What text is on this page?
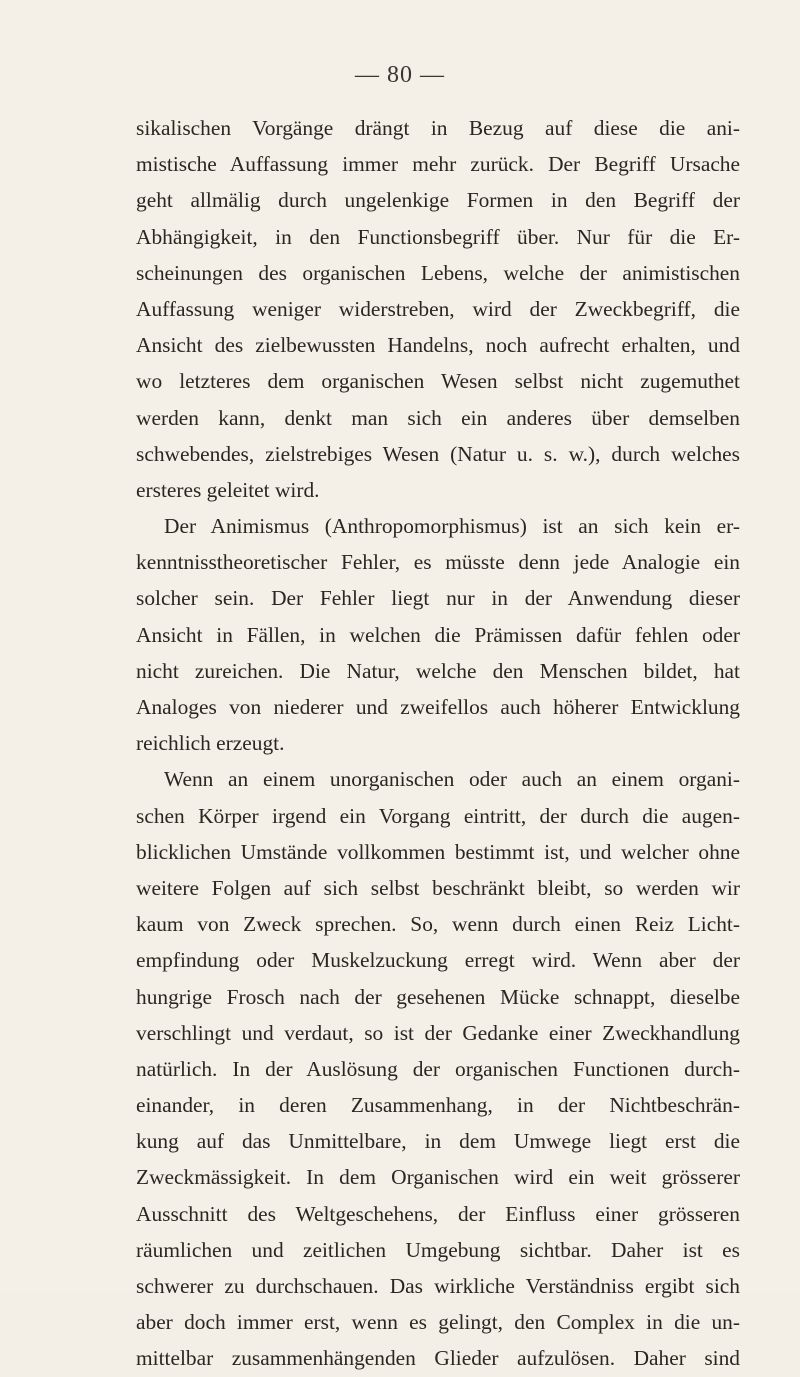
— 80 —
sikalischen Vorgänge drängt in Bezug auf diese die ani-
mistische Auffassung immer mehr zurück. Der Begriff Ursache
geht allmälig durch ungelenkige Formen in den Begriff der
Abhängigkeit, in den Functionsbegriff über. Nur für die Er-
scheinungen des organischen Lebens, welche der animistischen
Auffassung weniger widerstreben, wird der Zweckbegriff, die
Ansicht des zielbewussten Handelns, noch aufrecht erhalten, und
wo letzteres dem organischen Wesen selbst nicht zugemuthet
werden kann, denkt man sich ein anderes über demselben
schwebendes, zielstrebiges Wesen (Natur u. s. w.), durch welches
ersteres geleitet wird.
Der Animismus (Anthropomorphismus) ist an sich kein er-
kenntnisstheoretischer Fehler, es müsste denn jede Analogie ein
solcher sein. Der Fehler liegt nur in der Anwendung dieser
Ansicht in Fällen, in welchen die Prämissen dafür fehlen oder
nicht zureichen. Die Natur, welche den Menschen bildet, hat
Analoges von niederer und zweifellos auch höherer Entwicklung
reichlich erzeugt.
Wenn an einem unorganischen oder auch an einem organi-
schen Körper irgend ein Vorgang eintritt, der durch die augen-
blicklichen Umstände vollkommen bestimmt ist, und welcher ohne
weitere Folgen auf sich selbst beschränkt bleibt, so werden wir
kaum von Zweck sprechen. So, wenn durch einen Reiz Licht-
empfindung oder Muskelzuckung erregt wird. Wenn aber der
hungrige Frosch nach der gesehenen Mücke schnappt, dieselbe
verschlingt und verdaut, so ist der Gedanke einer Zweckhandlung
natürlich. In der Auslösung der organischen Functionen durch-
einander, in deren Zusammenhang, in der Nichtbeschrän-
kung auf das Unmittelbare, in dem Umwege liegt erst die
Zweckmässigkeit. In dem Organischen wird ein weit grösserer
Ausschnitt des Weltgeschehens, der Einfluss einer grösseren
räumlichen und zeitlichen Umgebung sichtbar. Daher ist es
schwerer zu durchschauen. Das wirkliche Verständniss ergibt sich
aber doch immer erst, wenn es gelingt, den Complex in die un-
mittelbar zusammenhängenden Glieder aufzulösen. Daher sind
